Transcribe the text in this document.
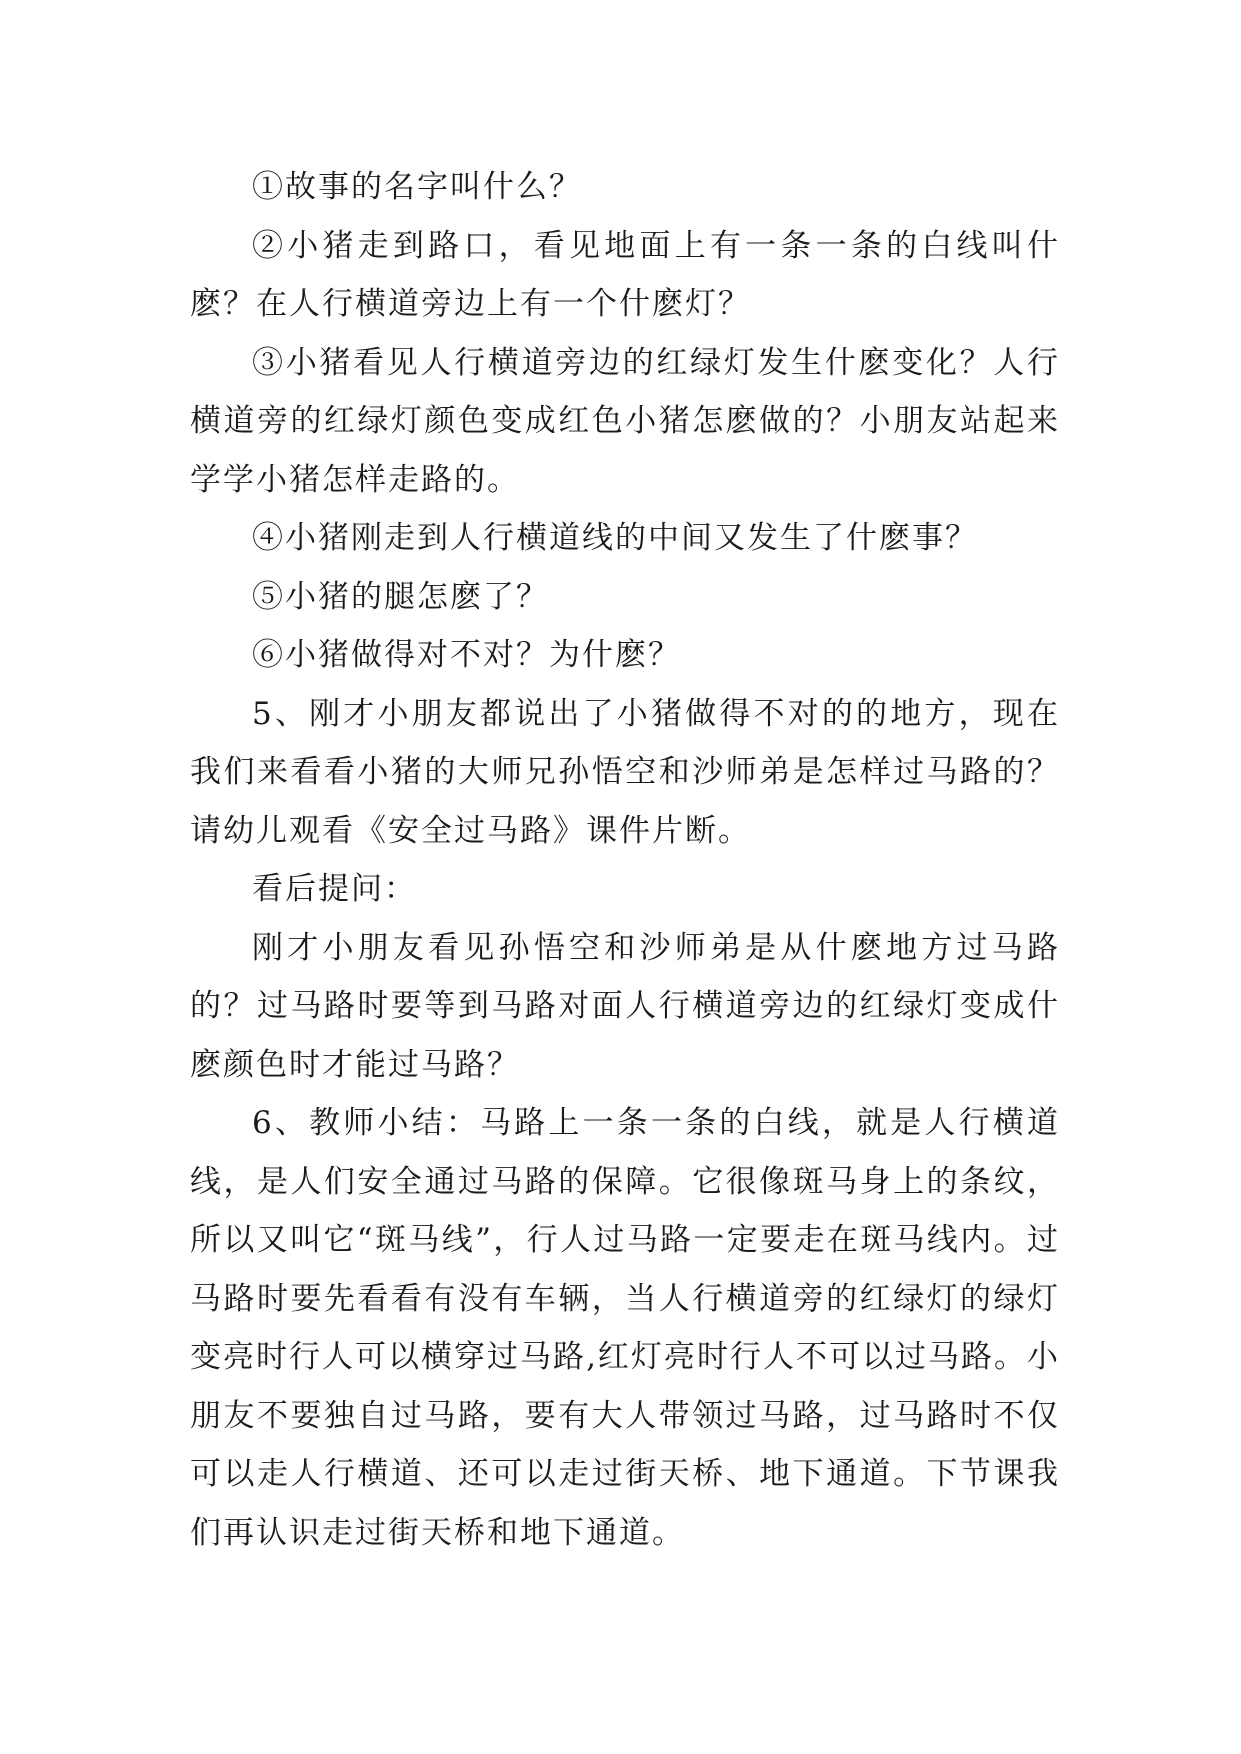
①故事的名字叫什么？

②小猪走到路口，看见地面上有一条一条的白线叫什麽？在人行横道旁边上有一个什麽灯？

③小猪看见人行横道旁边的红绿灯发生什麽变化？人行横道旁的红绿灯颜色变成红色小猪怎麽做的？小朋友站起来学学小猪怎样走路的。

④小猪刚走到人行横道线的中间又发生了什麽事？

⑤小猪的腿怎麽了？

⑥小猪做得对不对？为什麽？

5、刚才小朋友都说出了小猪做得不对的的地方，现在我们来看看小猪的大师兄孙悟空和沙师弟是怎样过马路的？请幼儿观看《安全过马路》课件片断。

看后提问：

刚才小朋友看见孙悟空和沙师弟是从什麽地方过马路的？过马路时要等到马路对面人行横道旁边的红绿灯变成什麽颜色时才能过马路？

6、教师小结：马路上一条一条的白线，就是人行横道线，是人们安全通过马路的保障。它很像斑马身上的条纹，所以又叫它“斑马线”，行人过马路一定要走在斑马线内。过马路时要先看看有没有车辆，当人行横道旁的红绿灯的绿灯变亮时行人可以横穿过马路,红灯亮时行人不可以过马路。小朋友不要独自过马路，要有大人带领过马路，过马路时不仅可以走人行横道、还可以走过街天桥、地下通道。下节课我们再认识走过街天桥和地下通道。
